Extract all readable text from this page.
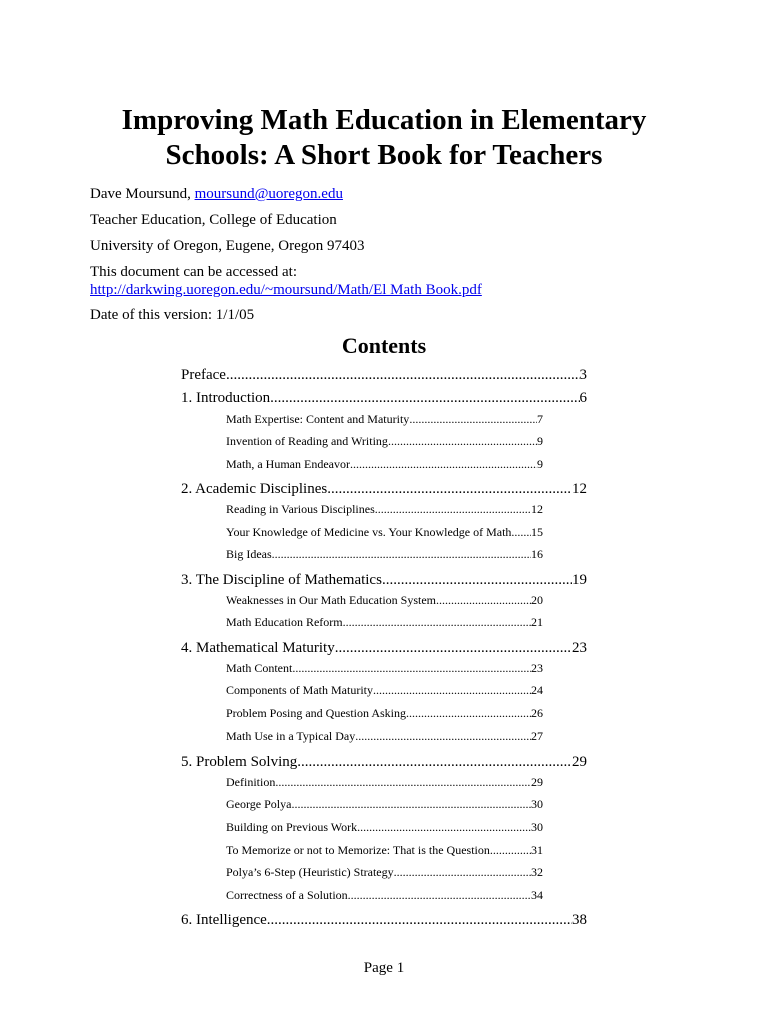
Improving Math Education in Elementary
Schools: A Short Book for Teachers
Dave Moursund, moursund@uoregon.edu
Teacher Education, College of Education
University of Oregon, Eugene, Oregon 97403
This document can be accessed at:
http://darkwing.uoregon.edu/~moursund/Math/El Math Book.pdf
Date of this version: 1/1/05
Contents
Preface .....	3
1. Introduction .....	6
Math Expertise: Content and Maturity .....	7
Invention of Reading and Writing .....	9
Math, a Human Endeavor .....	9
2. Academic Disciplines .....	12
Reading in Various Disciplines .....	12
Your Knowledge of Medicine vs. Your Knowledge of Math ..... 15
Big Ideas .....	16
3. The Discipline of Mathematics .....	19
Weaknesses in Our Math Education System .....	20
Math Education Reform .....	21
4. Mathematical Maturity .....	23
Math Content .....	23
Components of Math Maturity .....	24
Problem Posing and Question Asking .....	26
Math Use in a Typical Day .....	27
5. Problem Solving .....	29
Definition .....	29
George Polya .....	30
Building on Previous Work .....	30
To Memorize or not to Memorize: That is the Question .....	31
Polya’s 6-Step (Heuristic) Strategy .....	32
Correctness of a Solution .....	34
6. Intelligence .....	38
Page 1
